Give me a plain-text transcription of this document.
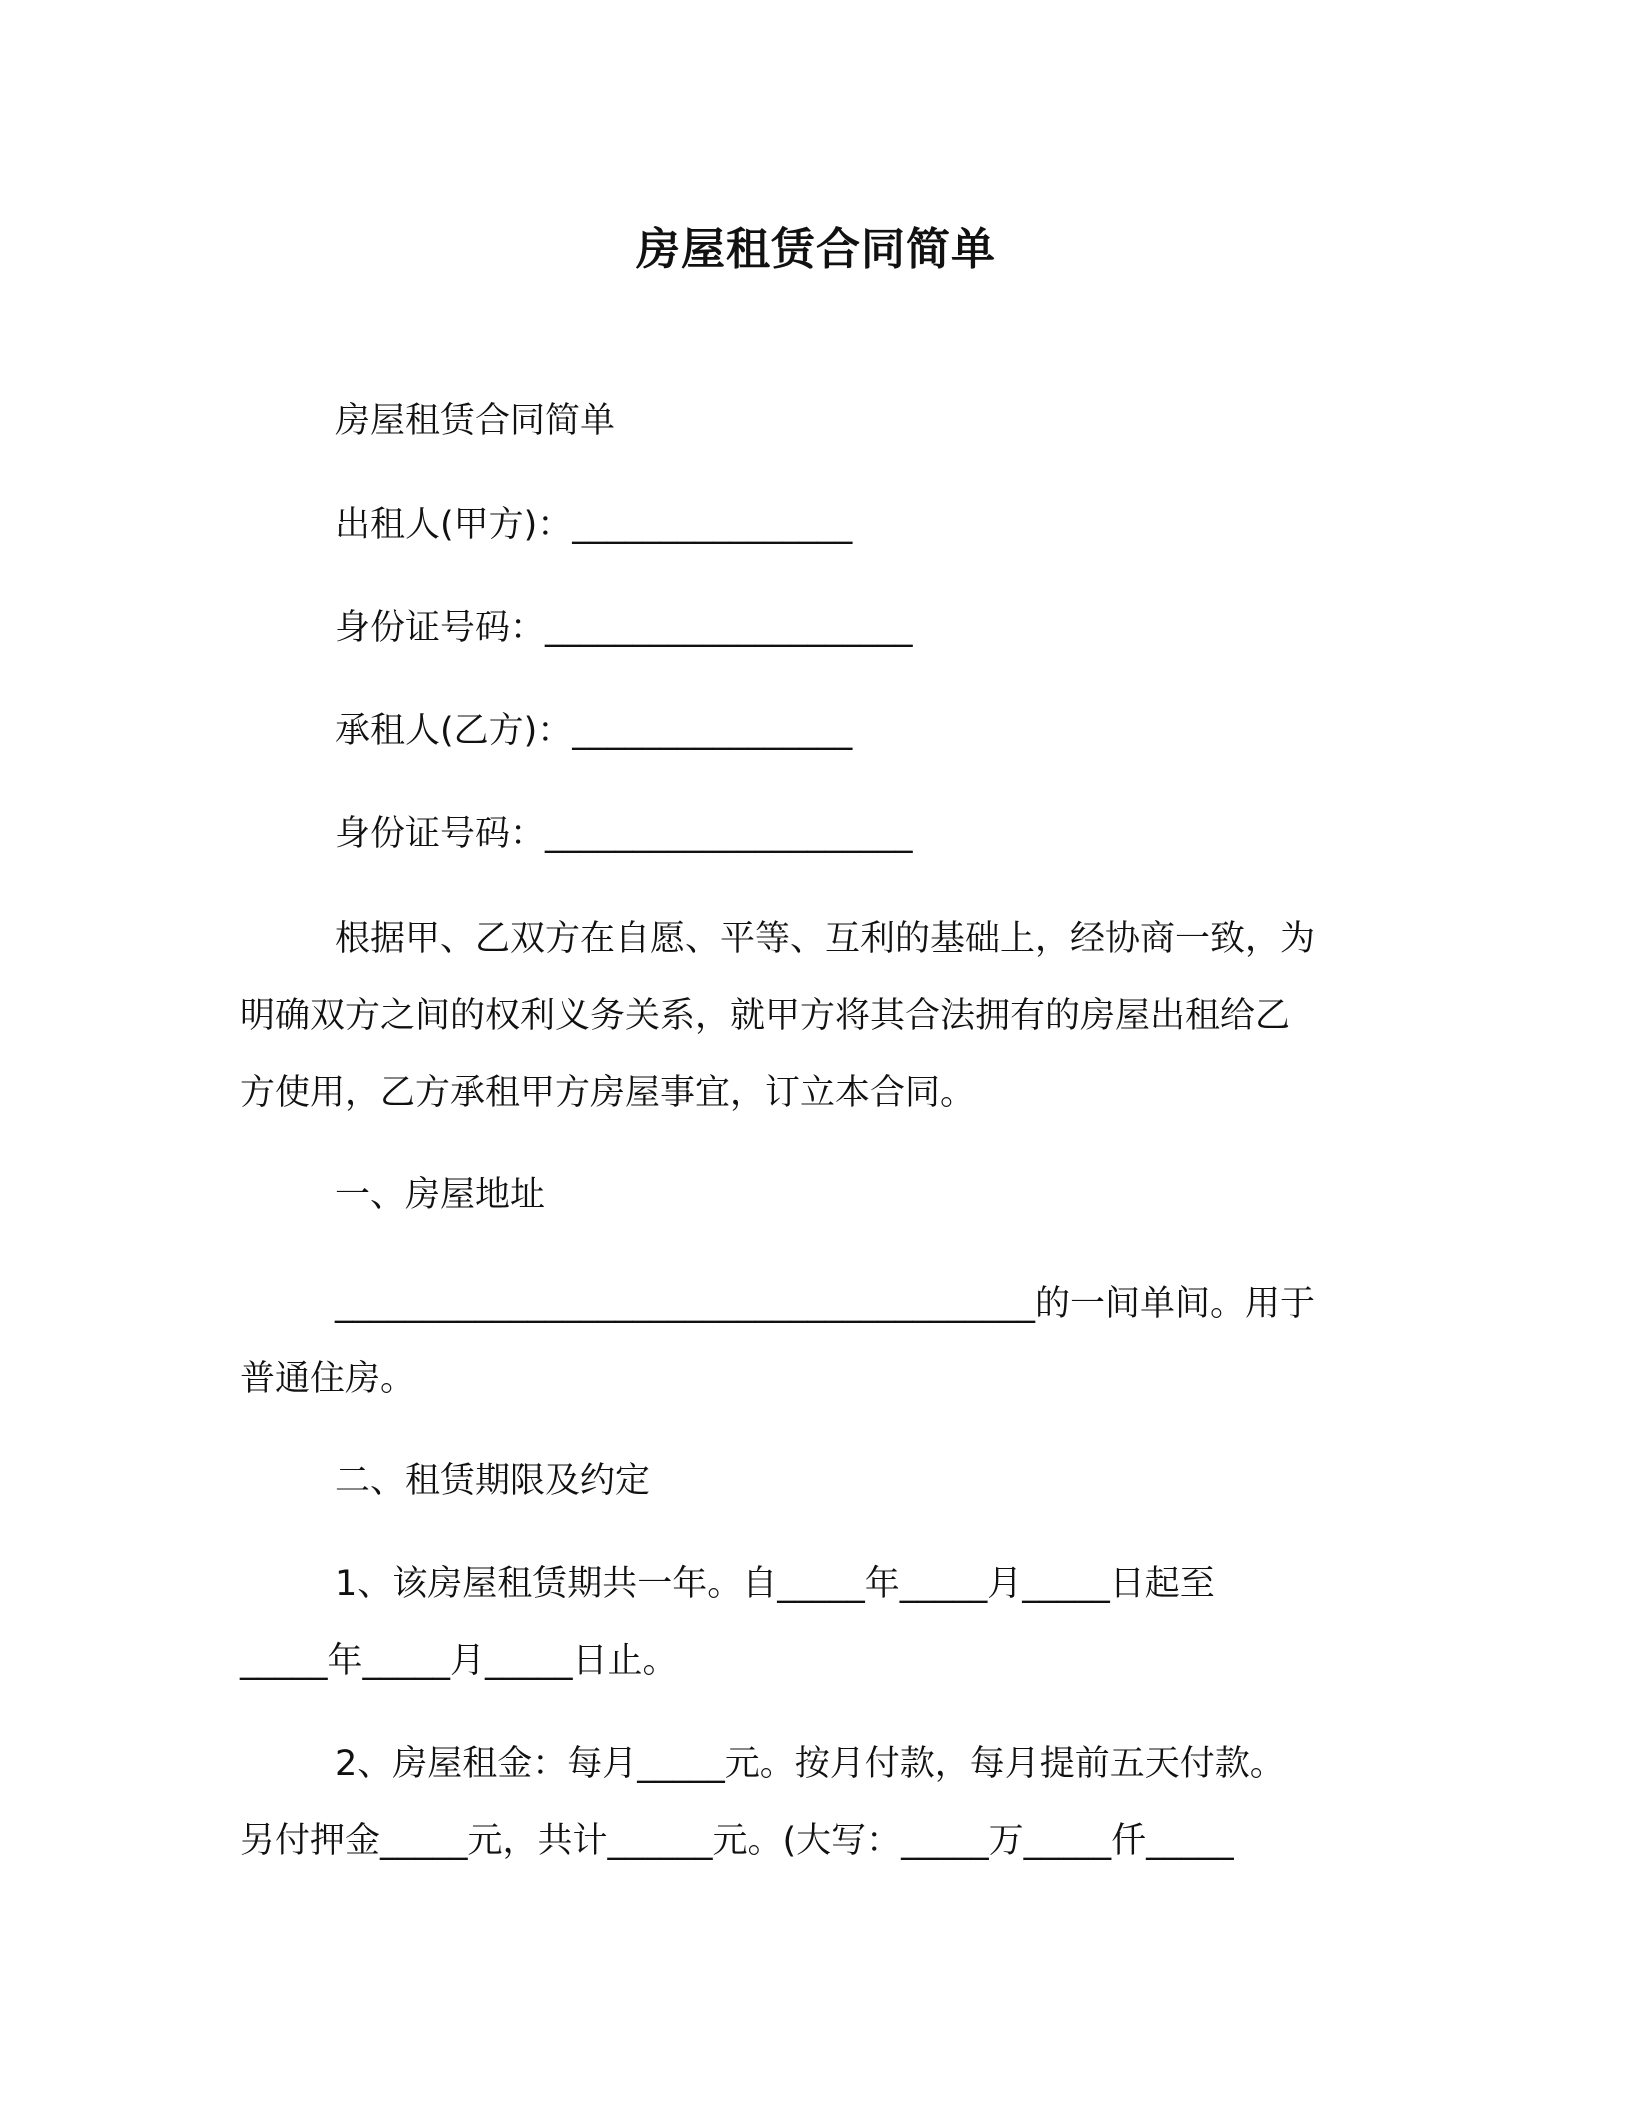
房屋租赁合同简单
房屋租赁合同简单
出租人(甲方)：________________
身份证号码：_____________________
承租人(乙方)：________________
身份证号码：_____________________
根据甲、乙双方在自愿、平等、互利的基础上，经协商一致，为
明确双方之间的权利义务关系，就甲方将其合法拥有的房屋出租给乙
方使用，乙方承租甲方房屋事宜，订立本合同。
一、房屋地址
________________________________________的一间单间。用于
普通住房。
二、租赁期限及约定
1、该房屋租赁期共一年。自_____年_____月_____日起至
_____年_____月_____日止。
2、房屋租金：每月_____元。按月付款，每月提前五天付款。
另付押金_____元，共计______元。(大写：_____万_____仟_____
